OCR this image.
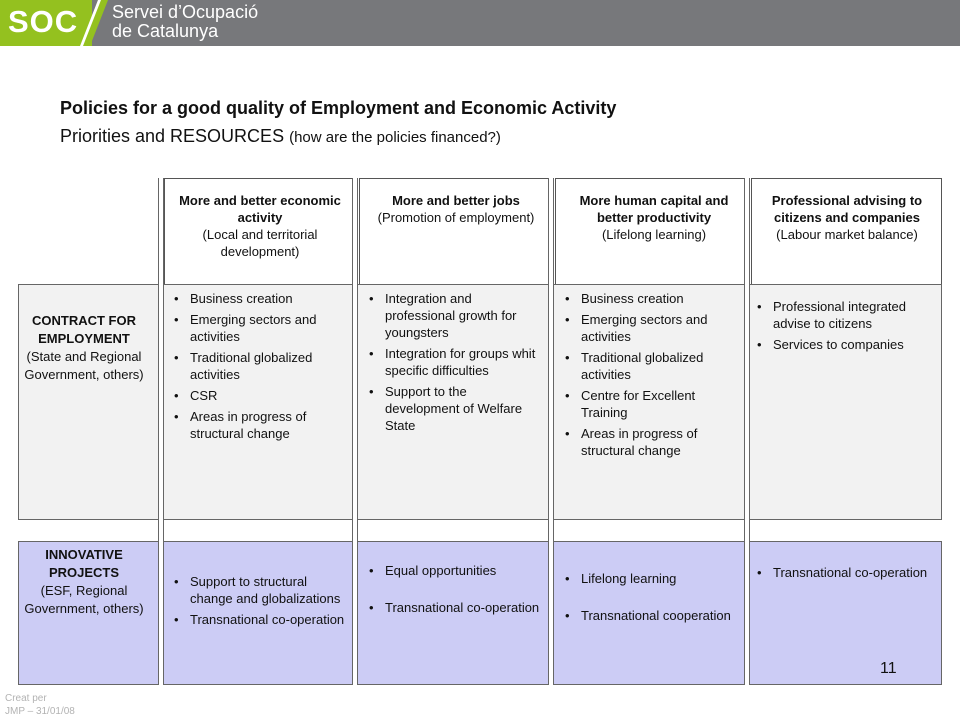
SOC Servei d’Ocupació
de Catalunya
Policies for a good quality of Employment and Economic Activity
Priorities and RESOURCES (how are the policies financed?)
More and better economic activity
(Local and territorial development)
More and better jobs
(Promotion of employment)
More human capital and better productivity
(Lifelong learning)
Professional advising to citizens and companies
(Labour market balance)
CONTRACT FOR EMPLOYMENT
(State and Regional Government, others)
INNOVATIVE PROJECTS
(ESF, Regional Government, others)
• Business creation
• Emerging sectors and activities
• Traditional globalized activities
• CSR
• Areas in progress of structural change
• Integration and professional growth for youngsters
• Integration for groups whit specific difficulties
• Support to the development of Welfare State
• Business creation
• Emerging sectors and activities
• Traditional globalized activities
• Centre for Excellent Training
• Areas in progress of structural change
• Professional integrated advise to citizens
• Services to companies
• Support to structural change and globalizations
• Transnational co-operation
• Equal opportunities
• Transnational co-operation
• Lifelong learning
• Transnational cooperation
• Transnational co-operation
11
Creat per
JMP – 31/01/08
